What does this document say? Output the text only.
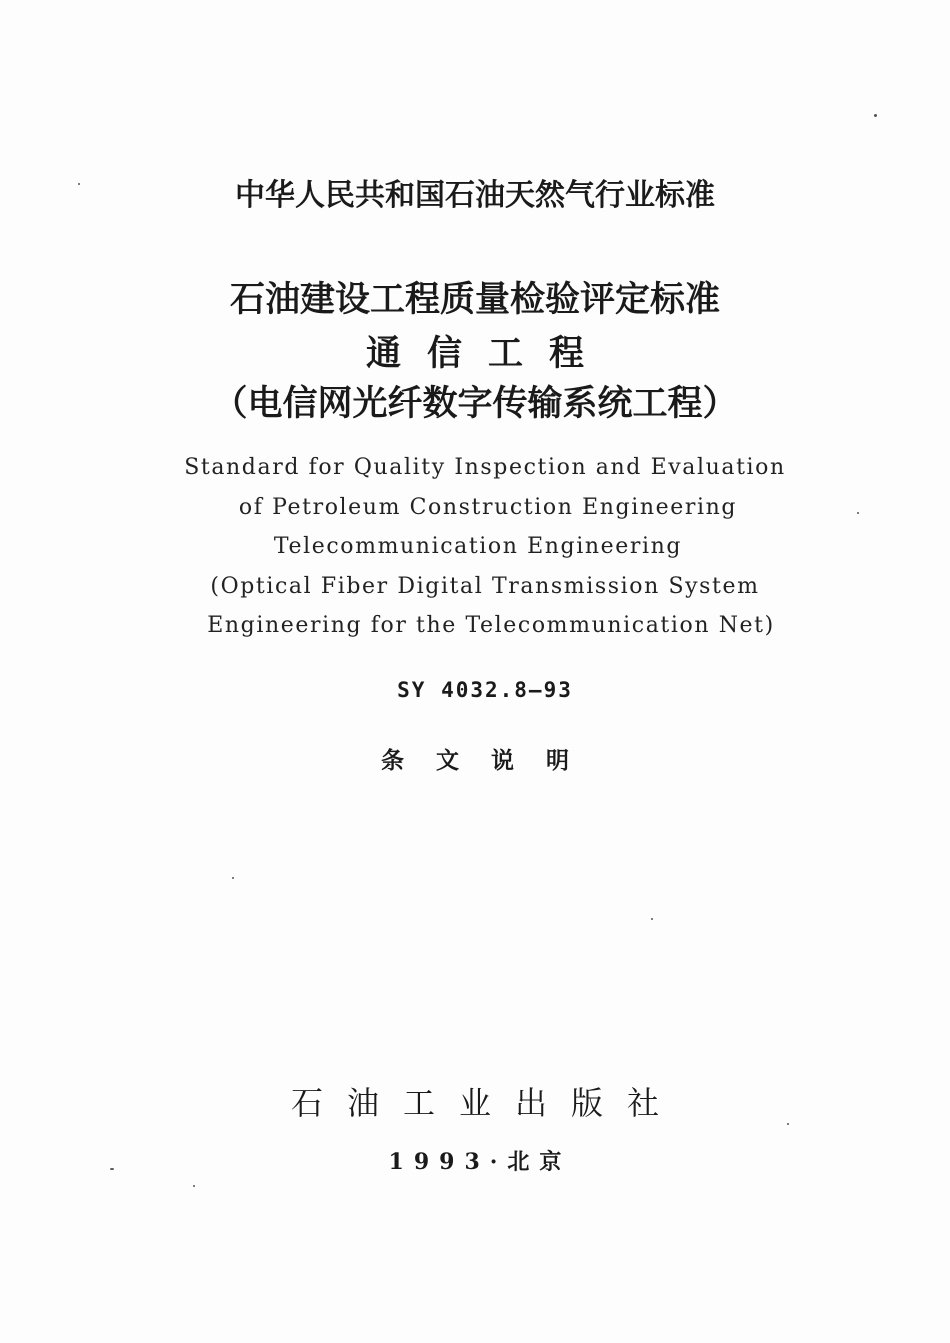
中华人民共和国石油天然气行业标准
石油建设工程质量检验评定标准
通信工程
（电信网光纤数字传输系统工程）
Standard for Quality Inspection and Evaluation
of Petroleum Construction Engineering
Telecommunication Engineering
(Optical Fiber Digital Transmission System
Engineering for the Telecommunication Net)
SY 4032.8—93
条文说明
石油工业出版社
1993·北京
